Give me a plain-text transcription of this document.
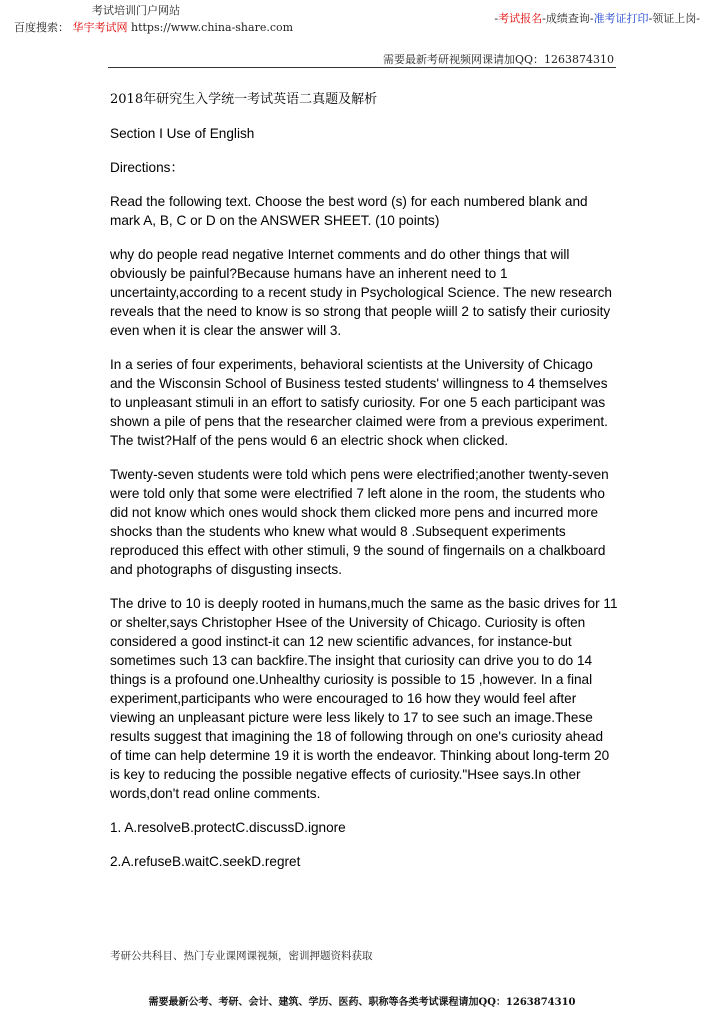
考试培训门户网站
百度搜索： 华宇考试网 https://www.china-share.com
-考试报名-成绩查询-准考证打印-领证上岗-
需要最新考研视频网课请加QQ：1263874310

2018年研究生入学统一考试英语二真题及解析

Section I Use of English

Directions：

Read the following text. Choose the best word (s) for each numbered blank and mark A, B, C or D on the ANSWER SHEET. (10 points)

why do people read negative Internet comments and do other things that will obviously be painful?Because humans have an inherent need to 1 uncertainty,according to a recent study in Psychological Science. The new research reveals that the need to know is so strong that people wiill 2 to satisfy their curiosity even when it is clear the answer will 3.

In a series of four experiments, behavioral scientists at the University of Chicago and the Wisconsin School of Business tested students' willingness to 4 themselves to unpleasant stimuli in an effort to satisfy curiosity. For one 5 each participant was shown a pile of pens that the researcher claimed were from a previous experiment. The twist?Half of the pens would 6 an electric shock when clicked.

Twenty-seven students were told which pens were electrified;another twenty-seven were told only that some were electrified 7 left alone in the room, the students who did not know which ones would shock them clicked more pens and incurred more shocks than the students who knew what would 8 .Subsequent experiments reproduced this effect with other stimuli, 9 the sound of fingernails on a chalkboard and photographs of disgusting insects.

The drive to 10 is deeply rooted in humans,much the same as the basic drives for 11 or shelter,says Christopher Hsee of the University of Chicago. Curiosity is often considered a good instinct-it can 12 new scientific advances, for instance-but sometimes such 13 can backfire.The insight that curiosity can drive you to do 14 things is a profound one.Unhealthy curiosity is possible to 15 ,however. In a final experiment,participants who were encouraged to 16 how they would feel after viewing an unpleasant picture were less likely to 17 to see such an image.These results suggest that imagining the 18 of following through on one's curiosity ahead of time can help determine 19 it is worth the endeavor. Thinking about long-term 20 is key to reducing the possible negative effects of curiosity."Hsee says.In other words,don't read online comments.

1. A.resolveB.protectC.discussD.ignore

2.A.refuseB.waitC.seekD.regret

考研公共科目、热门专业课网课视频，密训押题资料获取
需要最新公考、考研、会计、建筑、学历、医药、职称等各类考试课程请加QQ：1263874310
